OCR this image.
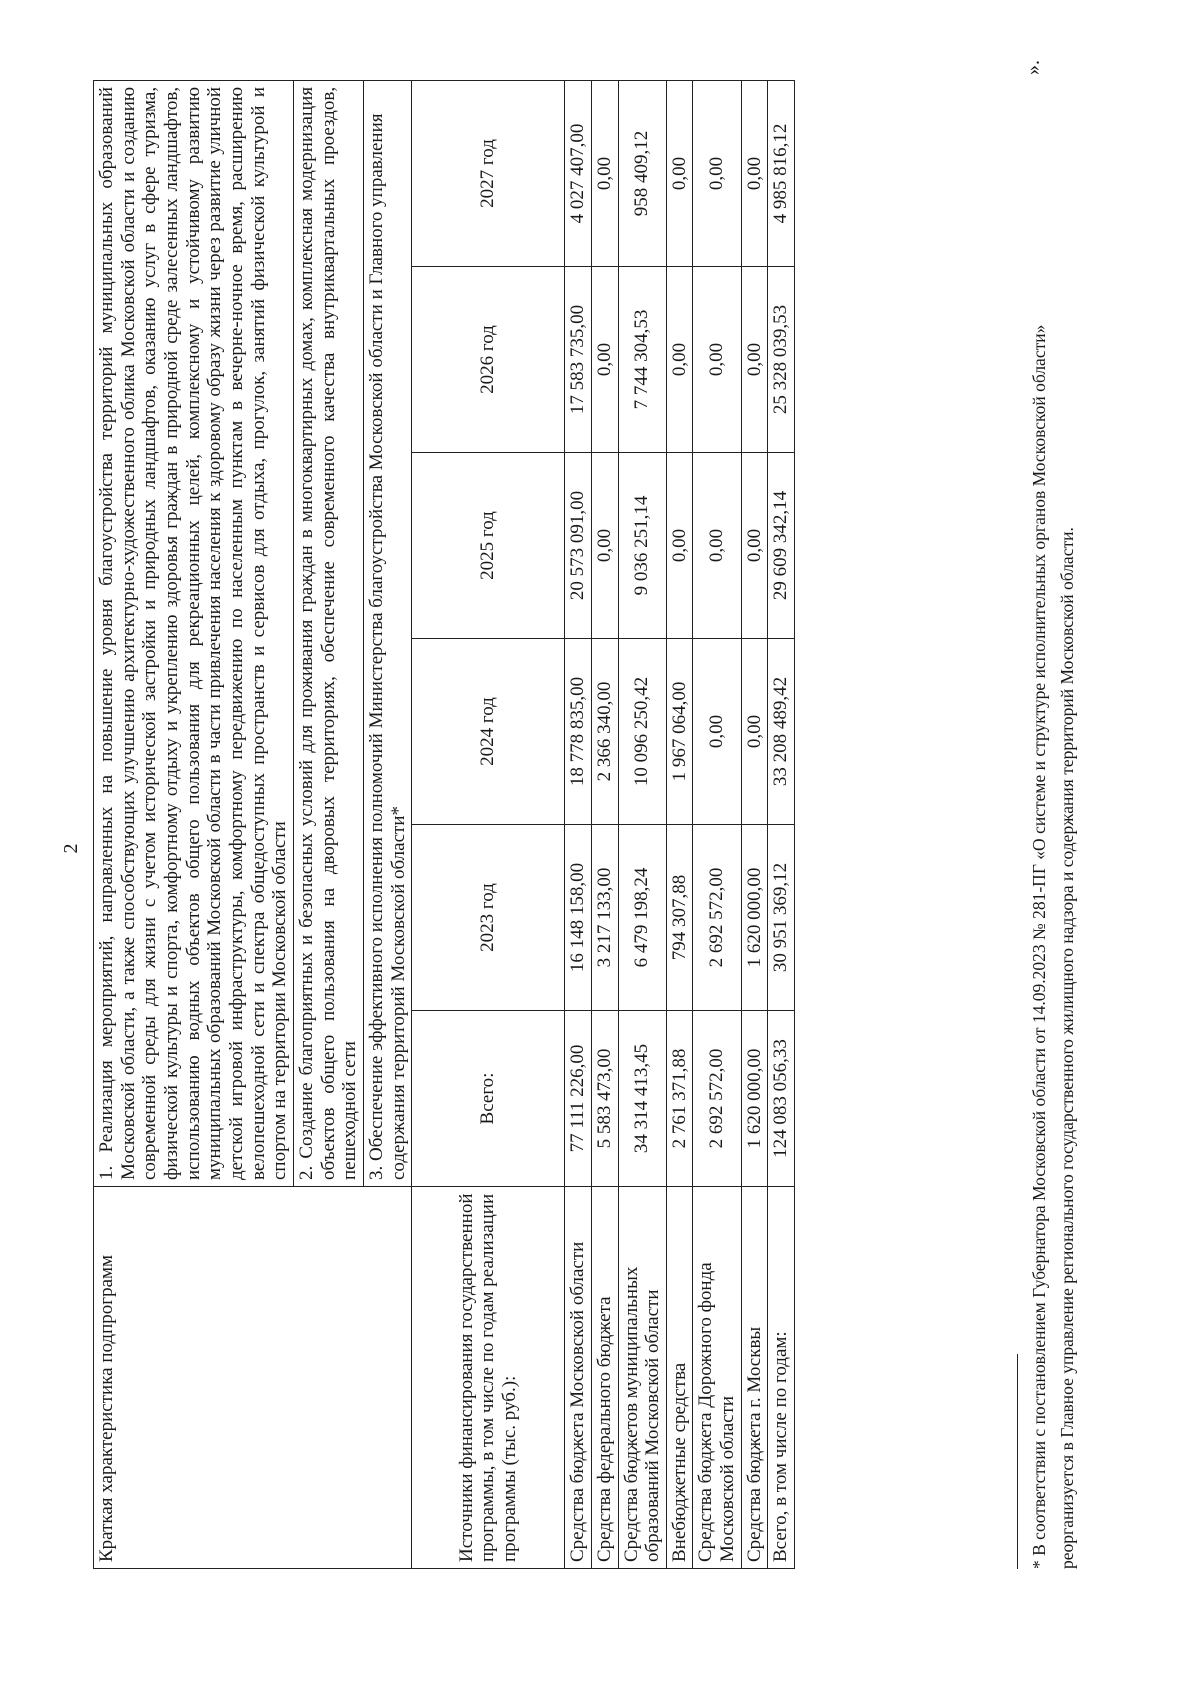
2
Краткая характеристика подпрограмм	1. Реализация мероприятий, направленных на повышение уровня благоустройства территорий муниципальных образований Московской области, а также способствующих улучшению архитектурно-художественного облика Московской области и созданию современной среды для жизни с учетом исторической застройки и природных ландшафтов, оказанию услуг в сфере туризма, физической культуры и спорта, комфортному отдыху и укреплению здоровья граждан в природной среде залесенных ландшафтов, использованию водных объектов общего пользования для рекреационных целей, комплексному и устойчивому развитию муниципальных образований Московской области в части привлечения населения к здоровому образу жизни через развитие уличной детской игровой инфраструктуры, комфортному передвижению по населенным пунктам в вечерне-ночное время, расширению велопешеходной сети и спектра общедоступных пространств и сервисов для отдыха, прогулок, занятий физической культурой и спортом на территории Московской области					
	2. Создание благоприятных и безопасных условий для проживания граждан в многоквартирных домах, комплексная модернизация объектов общего пользования на дворовых территориях, обеспечение современного качества внутриквартальных проездов, пешеходной сети					
	3. Обеспечение эффективного исполнения полномочий Министерства благоустройства Московской области и Главного управления содержания территорий Московской области*					
Источники финансирования государственной программы, в том числе по годам реализации программы (тыс. руб.):	Всего:	2023 год	2024 год	2025 год	2026 год	2027 год
Средства бюджета Московской области	77 111 226,00	16 148 158,00	18 778 835,00	20 573 091,00	17 583 735,00	4 027 407,00
Средства федерального бюджета	5 583 473,00	3 217 133,00	2 366 340,00	0,00	0,00	0,00
Средства бюджетов муниципальных образований Московской области	34 314 413,45	6 479 198,24	10 096 250,42	9 036 251,14	7 744 304,53	958 409,12
Внебюджетные средства	2 761 371,88	794 307,88	1 967 064,00	0,00	0,00	0,00
Средства бюджета Дорожного фонда Московской области	2 692 572,00	2 692 572,00	0,00	0,00	0,00	0,00
Средства бюджета г. Москвы	1 620 000,00	1 620 000,00	0,00	0,00	0,00	0,00
Всего, в том числе по годам:	124 083 056,33	30 951 369,12	33 208 489,42	29 609 342,14	25 328 039,53	4 985 816,12
* В соответствии с постановлением Губернатора Московской области от 14.09.2023 № 281-ПГ «О системе и структуре исполнительных органов Московской области» реорганизуется в Главное управление регионального государственного жилищного надзора и содержания территорий Московской области.
».
